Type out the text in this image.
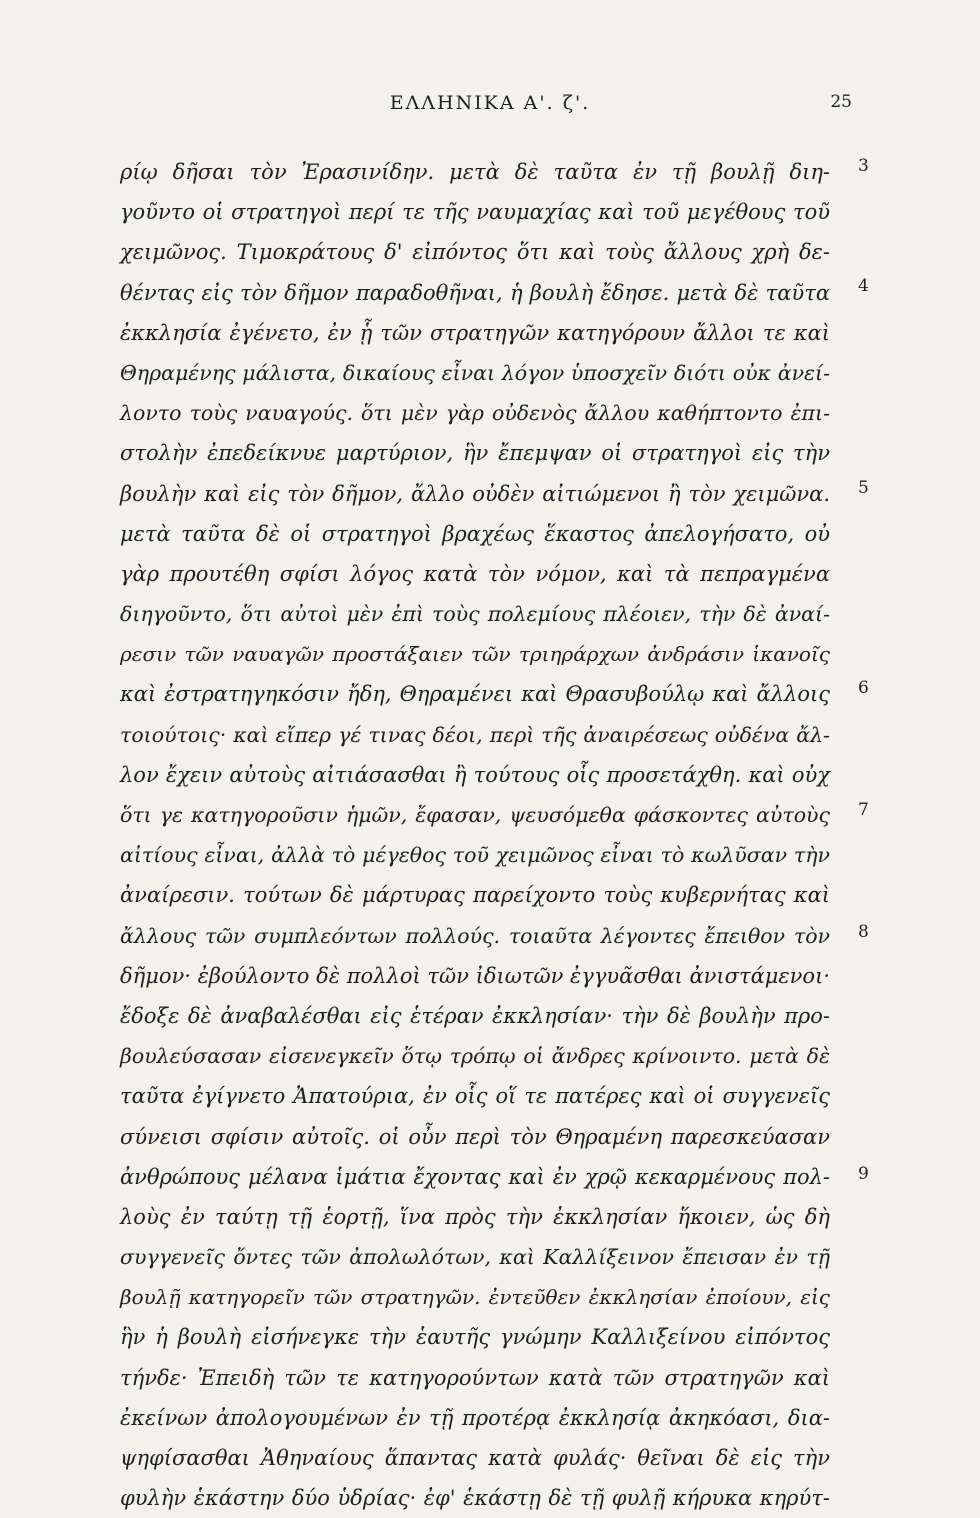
ΕΛΛΗΝΙΚΑ Α'. ζ'.	25
ρίῳ δῆσαι τὸν Ἐρασινίδην. μετὰ δὲ ταῦτα ἐν τῇ βουλῇ διη-
γοῦντο οἱ στρατηγοὶ περί τε τῆς ναυμαχίας καὶ τοῦ μεγέθους τοῦ
χειμῶνος. Τιμοκράτους δ' εἰπόντος ὅτι καὶ τοὺς ἄλλους χρὴ δε-
θέντας εἰς τὸν δῆμον παραδοθῆναι, ἡ βουλὴ ἔδησε. μετὰ δὲ ταῦτα
ἐκκλησία ἐγένετο, ἐν ᾗ τῶν στρατηγῶν κατηγόρουν ἄλλοι τε καὶ
Θηραμένης μάλιστα, δικαίους εἶναι λόγον ὑποσχεῖν διότι οὐκ ἀνεί-
λοντο τοὺς ναυαγούς. ὅτι μὲν γὰρ οὐδενὸς ἄλλου καθήπτοντο ἐπι-
στολὴν ἐπεδείκνυε μαρτύριον, ἣν ἔπεμψαν οἱ στρατηγοὶ εἰς τὴν
βουλὴν καὶ εἰς τὸν δῆμον, ἄλλο οὐδὲν αἰτιώμενοι ἢ τὸν χειμῶνα.
μετὰ ταῦτα δὲ οἱ στρατηγοὶ βραχέως ἕκαστος ἀπελογήσατο, οὐ
γὰρ προυτέθη σφίσι λόγος κατὰ τὸν νόμον, καὶ τὰ πεπραγμένα
διηγοῦντο, ὅτι αὐτοὶ μὲν ἐπὶ τοὺς πολεμίους πλέοιεν, τὴν δὲ ἀναί-
ρεσιν τῶν ναυαγῶν προστάξαιεν τῶν τριηράρχων ἀνδράσιν ἱκανοῖς
καὶ ἐστρατηγηκόσιν ἤδη, Θηραμένει καὶ Θρασυβούλῳ καὶ ἄλλοις
τοιούτοις· καὶ εἴπερ γέ τινας δέοι, περὶ τῆς ἀναιρέσεως οὐδένα ἄλ-
λον ἔχειν αὐτοὺς αἰτιάσασθαι ἢ τούτους οἷς προσετάχθη. καὶ οὐχ
ὅτι γε κατηγοροῦσιν ἡμῶν, ἔφασαν, ψευσόμεθα φάσκοντες αὐτοὺς
αἰτίους εἶναι, ἀλλὰ τὸ μέγεθος τοῦ χειμῶνος εἶναι τὸ κωλῦσαν τὴν
ἀναίρεσιν. τούτων δὲ μάρτυρας παρείχοντο τοὺς κυβερνήτας καὶ
ἄλλους τῶν συμπλεόντων πολλούς. τοιαῦτα λέγοντες ἔπειθον τὸν
δῆμον· ἐβούλοντο δὲ πολλοὶ τῶν ἰδιωτῶν ἐγγυᾶσθαι ἀνιστάμενοι·
ἔδοξε δὲ ἀναβαλέσθαι εἰς ἑτέραν ἐκκλησίαν· τὴν δὲ βουλὴν προ-
βουλεύσασαν εἰσενεγκεῖν ὅτῳ τρόπῳ οἱ ἄνδρες κρίνοιντο. μετὰ δὲ
ταῦτα ἐγίγνετο Ἀπατούρια, ἐν οἷς οἵ τε πατέρες καὶ οἱ συγγενεῖς
σύνεισι σφίσιν αὐτοῖς. οἱ οὖν περὶ τὸν Θηραμένη παρεσκεύασαν
ἀνθρώπους μέλανα ἱμάτια ἔχοντας καὶ ἐν χρῷ κεκαρμένους πολ-
λοὺς ἐν ταύτῃ τῇ ἑορτῇ, ἵνα πρὸς τὴν ἐκκλησίαν ἥκοιεν, ὡς δὴ
συγγενεῖς ὄντες τῶν ἀπολωλότων, καὶ Καλλίξεινον ἔπεισαν ἐν τῇ
βουλῇ κατηγορεῖν τῶν στρατηγῶν. ἐντεῦθεν ἐκκλησίαν ἐποίουν, εἰς
ἣν ἡ βουλὴ εἰσήνεγκε τὴν ἑαυτῆς γνώμην Καλλιξείνου εἰπόντος
τήνδε· Ἐπειδὴ τῶν τε κατηγορούντων κατὰ τῶν στρατηγῶν καὶ
ἐκείνων ἀπολογουμένων ἐν τῇ προτέρᾳ ἐκκλησίᾳ ἀκηκόασι, δια-
ψηφίσασθαι Ἀθηναίους ἅπαντας κατὰ φυλάς· θεῖναι δὲ εἰς τὴν
φυλὴν ἑκάστην δύο ὑδρίας· ἐφ' ἑκάστῃ δὲ τῇ φυλῇ κήρυκα κηρύτ-
3
4
5
6
7
8
9
